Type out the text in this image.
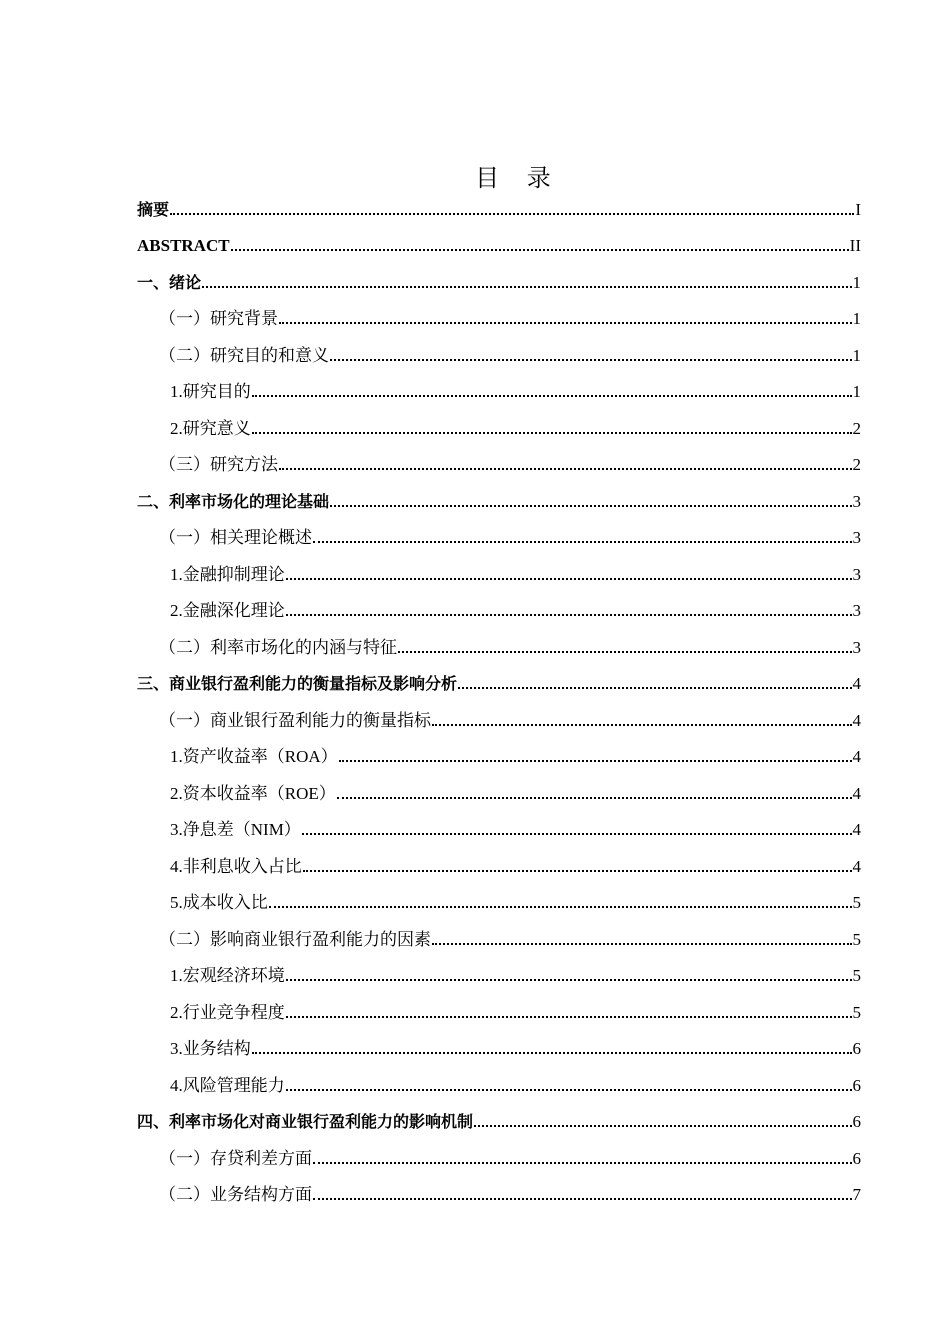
目 录
摘要	I
ABSTRACT	II
一、绪论	1
（一）研究背景	1
（二）研究目的和意义	1
1.研究目的	1
2.研究意义	2
（三）研究方法	2
二、利率市场化的理论基础	3
（一）相关理论概述	3
1.金融抑制理论	3
2.金融深化理论	3
（二）利率市场化的内涵与特征	3
三、商业银行盈利能力的衡量指标及影响分析	4
（一）商业银行盈利能力的衡量指标	4
1.资产收益率（ROA）	4
2.资本收益率（ROE）	4
3.净息差（NIM）	4
4.非利息收入占比	4
5.成本收入比	5
（二）影响商业银行盈利能力的因素	5
1.宏观经济环境	5
2.行业竞争程度	5
3.业务结构	6
4.风险管理能力	6
四、利率市场化对商业银行盈利能力的影响机制	6
（一）存贷利差方面	6
（二）业务结构方面	7
